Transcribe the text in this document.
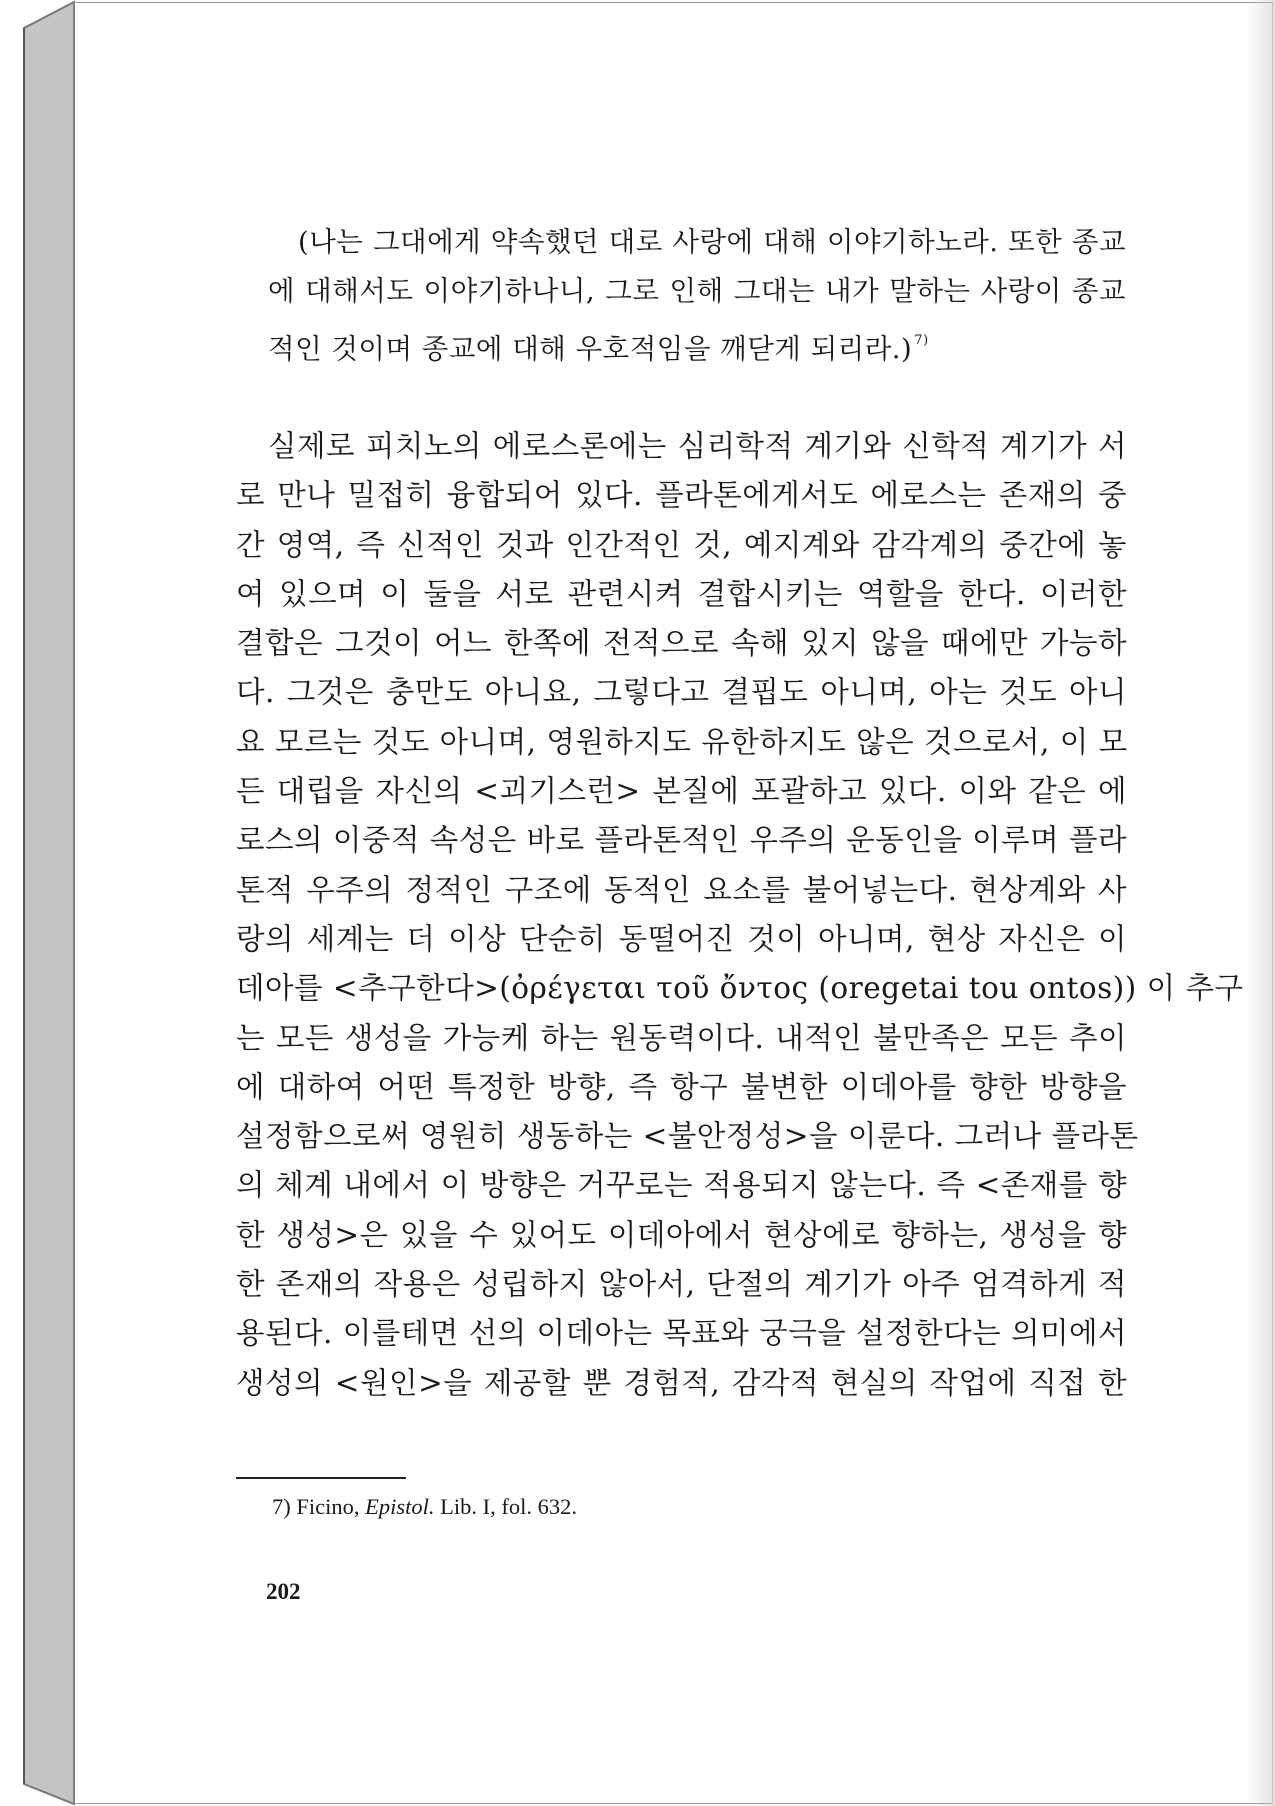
(나는 그대에게 약속했던 대로 사랑에 대해 이야기하노라. 또한 종교
에 대해서도 이야기하나니, 그로 인해 그대는 내가 말하는 사랑이 종교
적인 것이며 종교에 대해 우호적임을 깨닫게 되리라.) $^{7)}$
실제로 피치노의 에로스론에는 심리학적 계기와 신학적 계기가 서
로 만나 밀접히 융합되어 있다. 플라톤에게서도 에로스는 존재의 중
간 영역, 즉 신적인 것과 인간적인 것, 예지계와 감각계의 중간에 놓
여 있으며 이 둘을 서로 관련시켜 결합시키는 역할을 한다. 이러한
결합은 그것이 어느 한쪽에 전적으로 속해 있지 않을 때에만 가능하
다. 그것은 충만도 아니요, 그렇다고 결핍도 아니며, 아는 것도 아니
요 모르는 것도 아니며, 영원하지도 유한하지도 않은 것으로서, 이 모
든 대립을 자신의 <괴기스런> 본질에 포괄하고 있다. 이와 같은 에
로스의 이중적 속성은 바로 플라톤적인 우주의 운동인을 이루며 플라
톤적 우주의 정적인 구조에 동적인 요소를 불어넣는다. 현상계와 사
랑의 세계는 더 이상 단순히 동떨어진 것이 아니며, 현상 자신은 이
데아를 <추구한다>(ὀρέγεται τοῦ ὄντος (oregetai tou ontos)) 이 추구
는 모든 생성을 가능케 하는 원동력이다. 내적인 불만족은 모든 추이
에 대하여 어떤 특정한 방향, 즉 항구 불변한 이데아를 향한 방향을
설정함으로써 영원히 생동하는 <불안정성>을 이룬다. 그러나 플라톤
의 체계 내에서 이 방향은 거꾸로는 적용되지 않는다. 즉 <존재를 향
한 생성>은 있을 수 있어도 이데아에서 현상에로 향하는, 생성을 향
한 존재의 작용은 성립하지 않아서, 단절의 계기가 아주 엄격하게 적
용된다. 이를테면 선의 이데아는 목표와 궁극을 설정한다는 의미에서
생성의 <원인>을 제공할 뿐 경험적, 감각적 현실의 작업에 직접 한
7) Ficino, Epistol. Lib. I, fol. 632.
202
